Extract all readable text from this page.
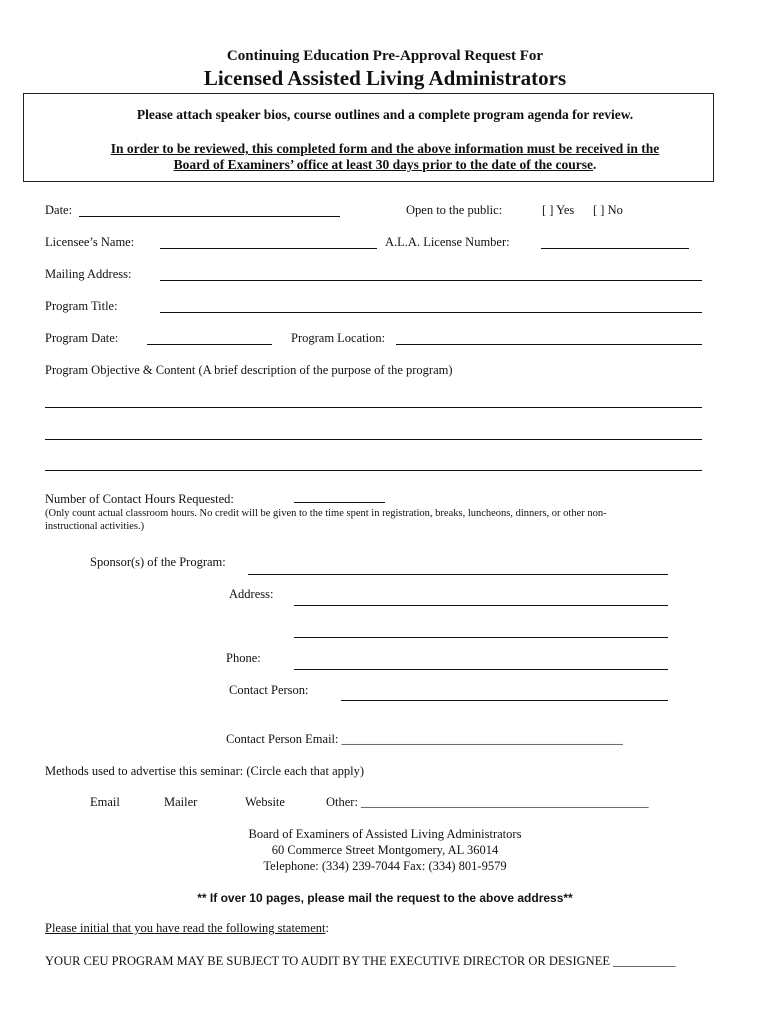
Continuing Education Pre-Approval Request For
Licensed Assisted Living Administrators
Please attach speaker bios, course outlines and a complete program agenda for review.
In order to be reviewed, this completed form and the above information must be received in the
Board of Examiners’ office at least 30 days prior to the date of the course.
Date:	Open to the public:	[ ] Yes [ ] No
Licensee’s Name:	A.L.A. License Number:
Mailing Address:
Program Title:
Program Date:	Program Location:
Program Objective & Content (A brief description of the purpose of the program)
Number of Contact Hours Requested:
(Only count actual classroom hours. No credit will be given to the time spent in registration, breaks, luncheons, dinners, or other non-
instructional activities.)
Sponsor(s) of the Program:
Address:
Phone:
Contact Person:
Contact Person Email: _____________________________________________
Methods used to advertise this seminar: (Circle each that apply)
Email	Mailer	Website	Other: ______________________________________________
Board of Examiners of Assisted Living Administrators
60 Commerce Street Montgomery, AL 36014
Telephone: (334) 239-7044 Fax: (334) 801-9579
** If over 10 pages, please mail the request to the above address**
Please initial that you have read the following statement:
YOUR CEU PROGRAM MAY BE SUBJECT TO AUDIT BY THE EXECUTIVE DIRECTOR OR DESIGNEE __________
